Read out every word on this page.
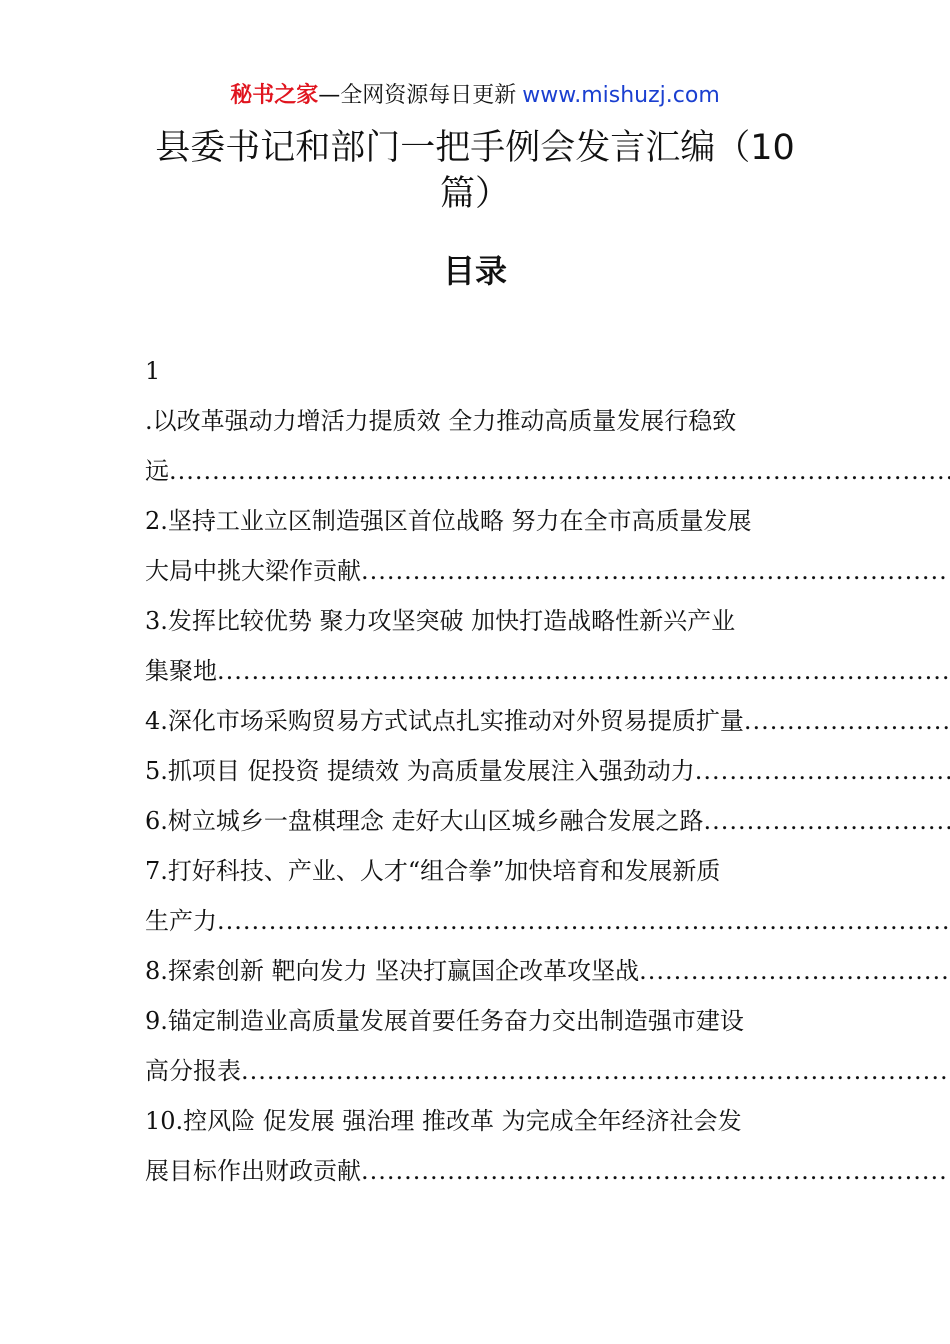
秘书之家—全网资源每日更新 www.mishuzj.com
县委书记和部门一把手例会发言汇编（10
篇）
目录
1
.以改革强动力增活力提质效 全力推动高质量发展行稳致
远 .....
2.坚持工业立区制造强区首位战略 努力在全市高质量发展
大局中挑大梁作贡献 .....
3.发挥比较优势 聚力攻坚突破 加快打造战略性新兴产业
集聚地 .....
4.深化市场采购贸易方式试点扎实推动对外贸易提质扩量 .....
5.抓项目 促投资 提绩效 为高质量发展注入强劲动力 .....
6.树立城乡一盘棋理念 走好大山区城乡融合发展之路 .....
7.打好科技、产业、人才“组合拳”加快培育和发展新质
生产力 .....
8.探索创新 靶向发力 坚决打赢国企改革攻坚战 .....
9.锚定制造业高质量发展首要任务奋力交出制造强市建设
高分报表 .....
10.控风险 促发展 强治理 推改革 为完成全年经济社会发
展目标作出财政贡献 .....
